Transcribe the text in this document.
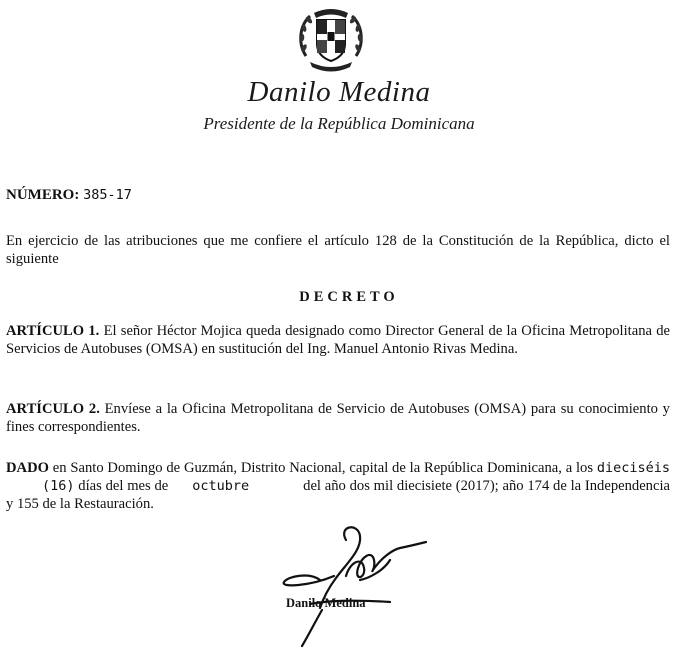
Danilo Medina
Presidente de la República Dominicana
NÚMERO: 385-17

En ejercicio de las atribuciones que me confiere el artículo 128 de la Constitución de la República, dicto el siguiente

DECRETO

ARTÍCULO 1. El señor Héctor Mojica queda designado como Director General de la Oficina Metropolitana de Servicios de Autobuses (OMSA) en sustitución del Ing. Manuel Antonio Rivas Medina.

ARTÍCULO 2. Envíese a la Oficina Metropolitana de Servicio de Autobuses (OMSA) para su conocimiento y fines correspondientes.

DADO en Santo Domingo de Guzmán, Distrito Nacional, capital de la República Dominicana, a los dieciséis(16) días del mes de octubre	del año dos mil diecisiete (2017); año 174 de la Independencia y 155 de la Restauración.

Danilo Medina
